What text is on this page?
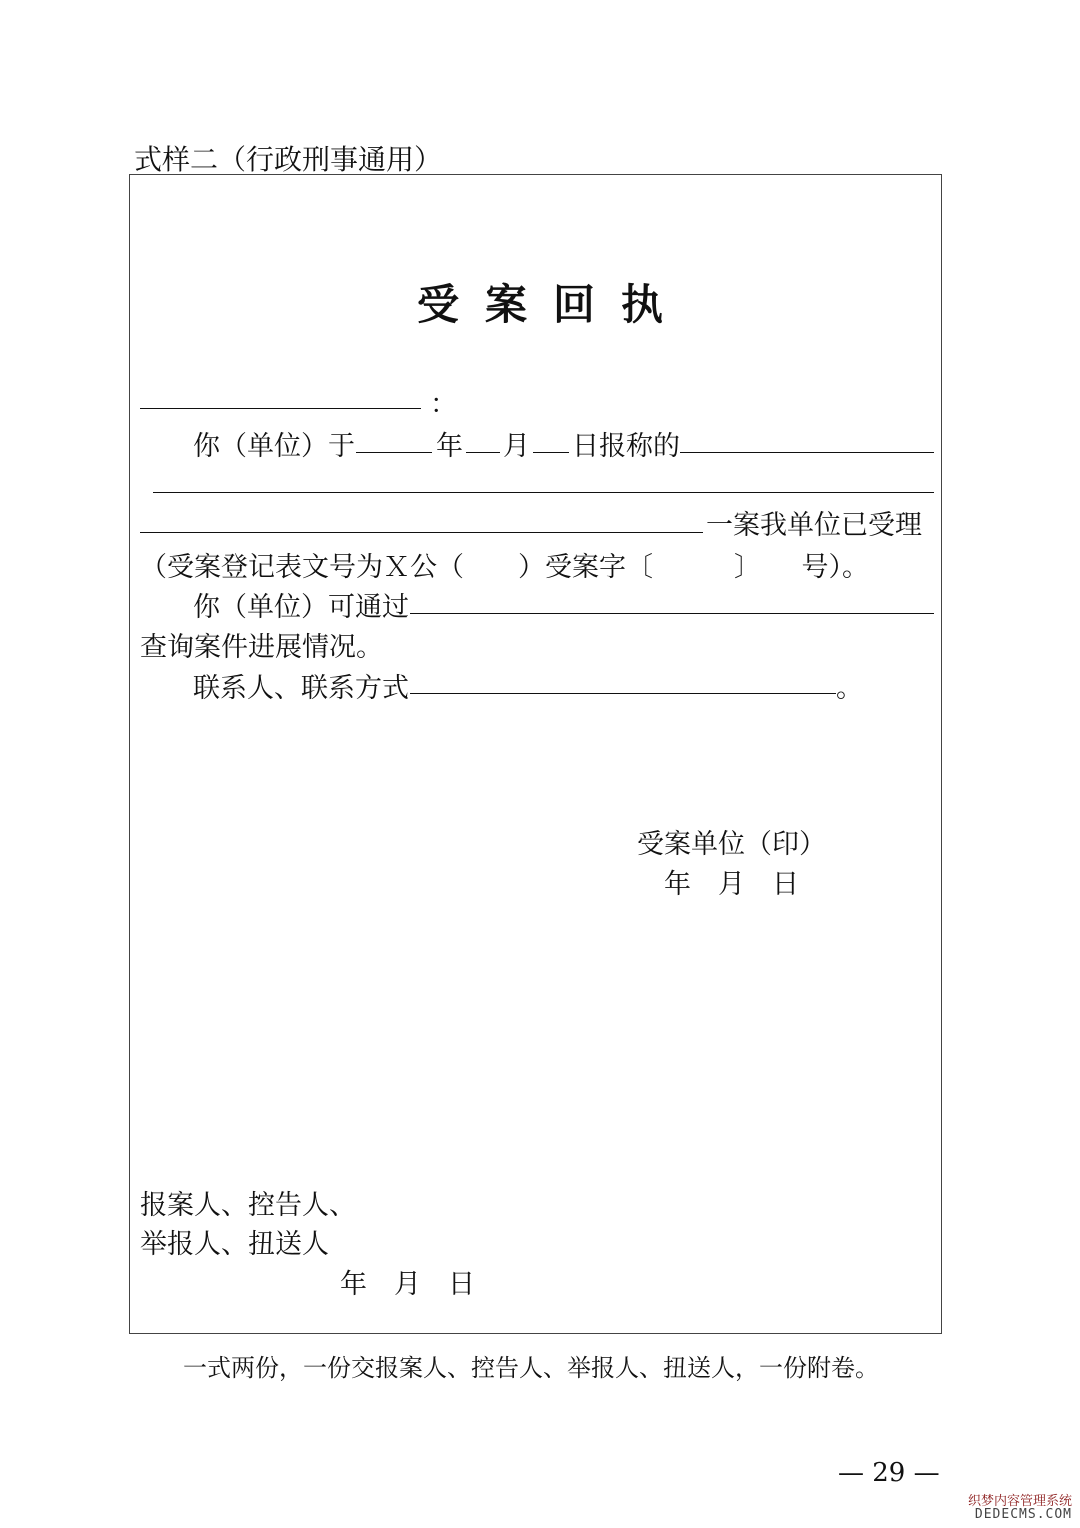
式样二（行政刑事通用）
受案回执
：
你（单位）于	年 月 日报称的
一案我单位已受理
（受案登记表文号为Ｘ公（　　）受案字〔　　　〕　　号）。
你（单位）可通过
查询案件进展情况。
联系人、联系方式	。
受案单位（印）
年　月　日
报案人、控告人、
举报人、扭送人
年　月　日
一式两份，一份交报案人、控告人、举报人、扭送人，一份附卷。
— 29 —
织梦内容管理系统
DEDECMS.COM
